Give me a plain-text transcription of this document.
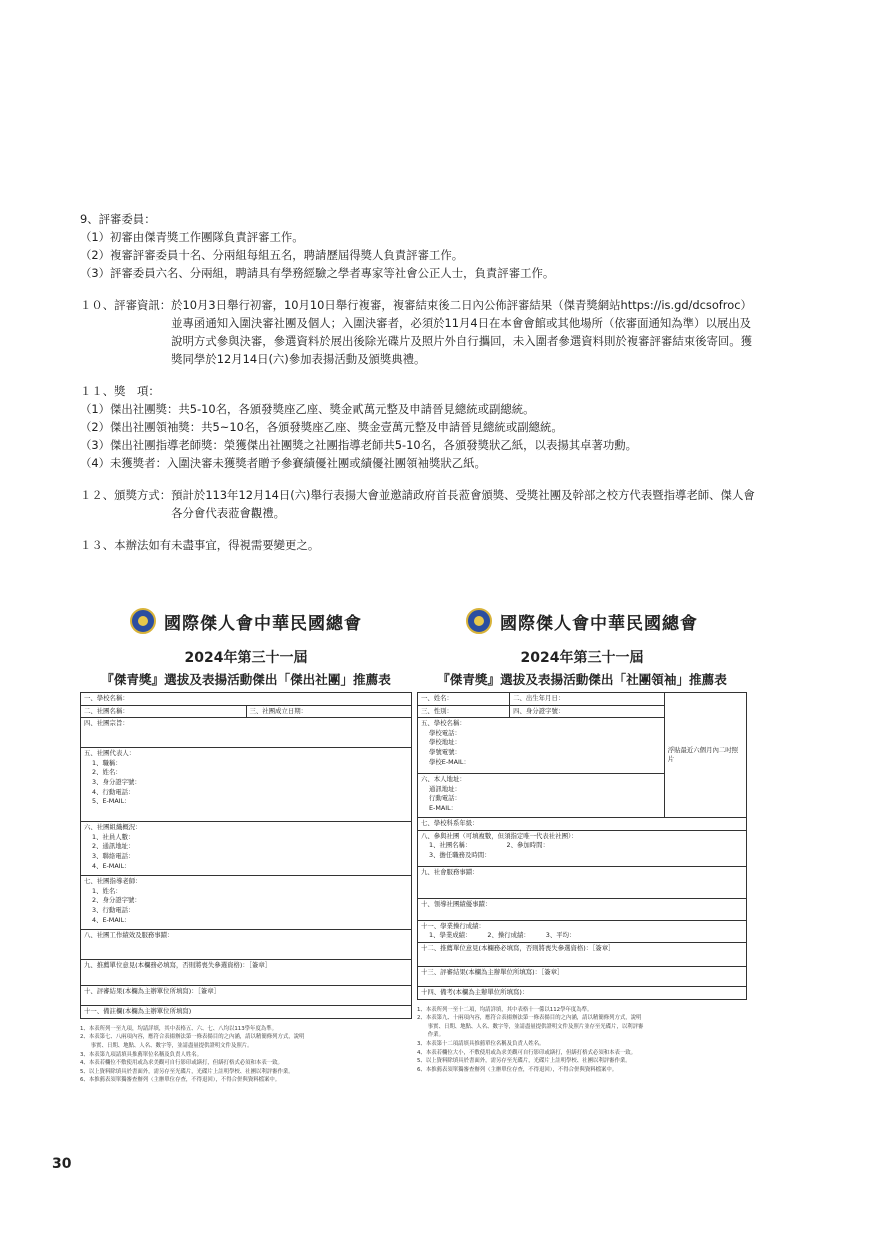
9、評審委員：
（1）初審由傑青獎工作團隊負責評審工作。
（2）複審評審委員十名、分兩組每組五名，聘請歷屆得獎人負責評審工作。
（3）評審委員六名、分兩組，聘請具有學務經驗之學者專家等社會公正人士，負責評審工作。
１０、評審資訊： 於10月3日舉行初審，10月10日舉行複審，複審結束後二日內公佈評審結果（傑青獎網站https://is.gd/dcsofroc）並專函通知入圍決審社團及個人；入圍決審者，必須於11月4日在本會會館或其他場所（依審面通知為準）以展出及說明方式參與決審，參選資料於展出後除光碟片及照片外自行攜回，未入圍者參選資料則於複審評審結束後寄回。獲獎同學於12月14日(六)參加表揚活動及頒獎典禮。
１１、獎　項：
（1）傑出社團獎：共5-10名，各頒發獎座乙座、獎金貳萬元整及申請晉見總統或副總統。
（2）傑出社團領袖獎：共5~10名，各頒發獎座乙座、獎金壹萬元整及申請晉見總統或副總統。
（3）傑出社團指導老師獎：榮獲傑出社團獎之社團指導老師共5-10名，各頒發獎狀乙紙，以表揚其卓著功勳。
（4）未獲獎者：入圍決審未獲獎者贈予參賽績優社團或績優社團領袖獎狀乙紙。
１２、頒獎方式： 預計於113年12月14日(六)舉行表揚大會並邀請政府首長蒞會頒獎、受獎社團及幹部之校方代表暨指導老師、傑人會各分會代表蒞會觀禮。
１３、本辦法如有未盡事宜，得視需要變更之。
國際傑人會中華民國總會
2024年第三十一屆
『傑青獎』選拔及表揚活動傑出「傑出社團」推薦表
一、學校名稱：
二、社團名稱：	三、社團成立日期：
四、社團宗旨：

五、社團代表人：
1、職稱：
2、姓名：
3、身分證字號：
4、行動電話：
5、E-MAIL：

六、社團組織概況：
1、社員人數：
2、通訊地址：
3、聯絡電話：
4、E-MAIL：

七、社團指導老師：
1、姓名：
2、身分證字號：
3、行動電話：
4、E-MAIL：

八、社團工作績效及服務事蹟：
九、推薦單位意見(本欄務必填寫，否則將喪失參選資格)：［簽章］
十、評審結果(本欄為主辦單位所填寫)：［簽章］
十一、備註欄(本欄為主辦單位所填寫)
1、本表所列一至九項，均請詳填，其中表格五、六、七、八均以113學年度為準。
2、本表第七、八兩項內容，應符合表揚辦法第一條表揚目的之內涵，請以精簡條列方式，說明
　　事實、日期、地點、人名、數字等，並請盡量提供證明文件及照片。
3、本表第九項請填具推薦單位名稱及負責人姓名。
4、本表若欄位不敷使用或為求美觀可自行影印或繕打，但繕打格式必須和本表一致。
5、以上資料除填具於書面外，需另存至光碟片，光碟片上註明學校、社團以利評審作業。
6、本推薦表須單獨審查辦列（主辦單位存查，不得退回），不得合併與資料檔案中。
國際傑人會中華民國總會
2024年第三十一屆
『傑青獎』選拔及表揚活動傑出「社團領袖」推薦表
一、姓名：	二、出生年月日：	浮貼最近六個月內二吋照片
三、性別：	四、身分證字號：	

五、學校名稱：
學校電話：
學校地址：
學號電號：
學校E-MAIL：		

六、本人地址：
通訊地址：
行動電話：
E-MAIL：		

七、學校科系年級：		

八、參與社團（可填複數，但須指定唯一代表社社團）：
1、社團名稱：　　　　　　2、參加時間：
3、擔任職務及時間：		

九、社會服務事蹟：		
十、領導社團績優事蹟：		

十一、學業操行成績：
1、學業成績：　　　2、操行成績：　　　3、平均：		

十二、推薦單位意見(本欄務必填寫，否則將喪失參選資格)：［簽章］		
十三、評審結果(本欄為主辦單位所填寫)：［簽章］		
十四、備考(本欄為主辦單位所填寫)：		
1、本表所列一至十二項，均請詳填，其中表格十一係以112學年度為準。
2、本表第九、十兩項內容，應符合表揚辦法第一條表揚目的之內涵，請以精簡條列方式，說明
　　事實、日期、地點、人名、數字等，並請盡量提供證明文件及照片並存至光碟片，以利評審
　　作業。
3、本表第十二項請填具推薦單位名稱及負責人姓名。
4、本表若欄位大小，不敷使用或為求美觀可自行影印或繕打，但繕打格式必須和本表一致。
5、以上資料除填具於書面外，需另存至光碟片，光碟片上註明學校、社團以利評審作業。
6、本推薦表須單獨審查辦列（主辦單位存查，不得退回），不得合併與資料檔案中。
30
